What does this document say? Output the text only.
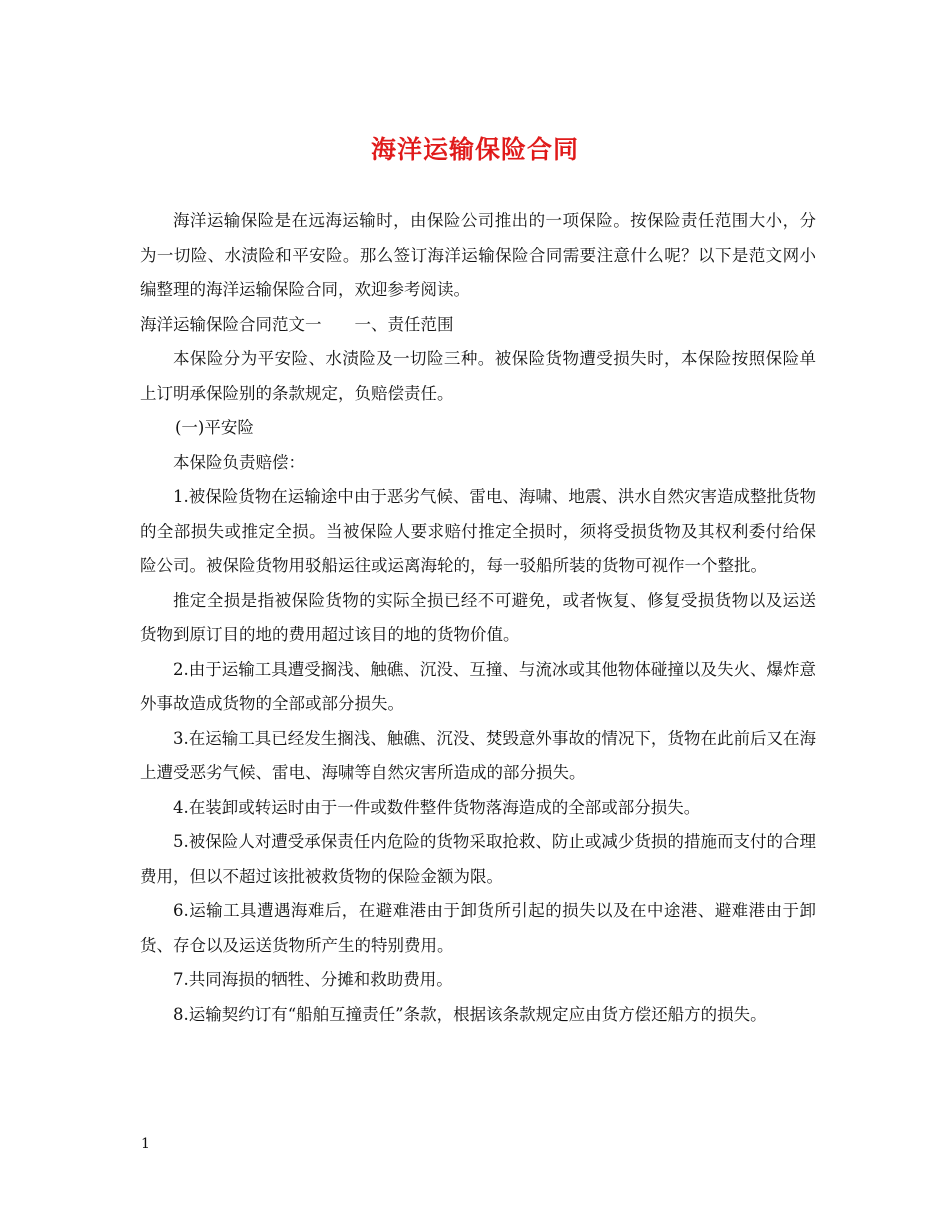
海洋运输保险合同

海洋运输保险是在远海运输时，由保险公司推出的一项保险。按保险责任范围大小，分为一切险、水渍险和平安险。那么签订海洋运输保险合同需要注意什么呢？以下是范文网小编整理的海洋运输保险合同，欢迎参考阅读。

海洋运输保险合同范文一　　一、责任范围

本保险分为平安险、水渍险及一切险三种。被保险货物遭受损失时，本保险按照保险单上订明承保险别的条款规定，负赔偿责任。

(一)平安险

本保险负责赔偿：

1.被保险货物在运输途中由于恶劣气候、雷电、海啸、地震、洪水自然灾害造成整批货物的全部损失或推定全损。当被保险人要求赔付推定全损时，须将受损货物及其权利委付给保险公司。被保险货物用驳船运往或运离海轮的，每一驳船所装的货物可视作一个整批。

推定全损是指被保险货物的实际全损已经不可避免，或者恢复、修复受损货物以及运送货物到原订目的地的费用超过该目的地的货物价值。

2.由于运输工具遭受搁浅、触礁、沉没、互撞、与流冰或其他物体碰撞以及失火、爆炸意外事故造成货物的全部或部分损失。

3.在运输工具已经发生搁浅、触礁、沉没、焚毁意外事故的情况下，货物在此前后又在海上遭受恶劣气候、雷电、海啸等自然灾害所造成的部分损失。

4.在装卸或转运时由于一件或数件整件货物落海造成的全部或部分损失。

5.被保险人对遭受承保责任内危险的货物采取抢救、防止或减少货损的措施而支付的合理费用，但以不超过该批被救货物的保险金额为限。

6.运输工具遭遇海难后，在避难港由于卸货所引起的损失以及在中途港、避难港由于卸货、存仓以及运送货物所产生的特别费用。

7.共同海损的牺牲、分摊和救助费用。

8.运输契约订有“船舶互撞责任”条款，根据该条款规定应由货方偿还船方的损失。

1
